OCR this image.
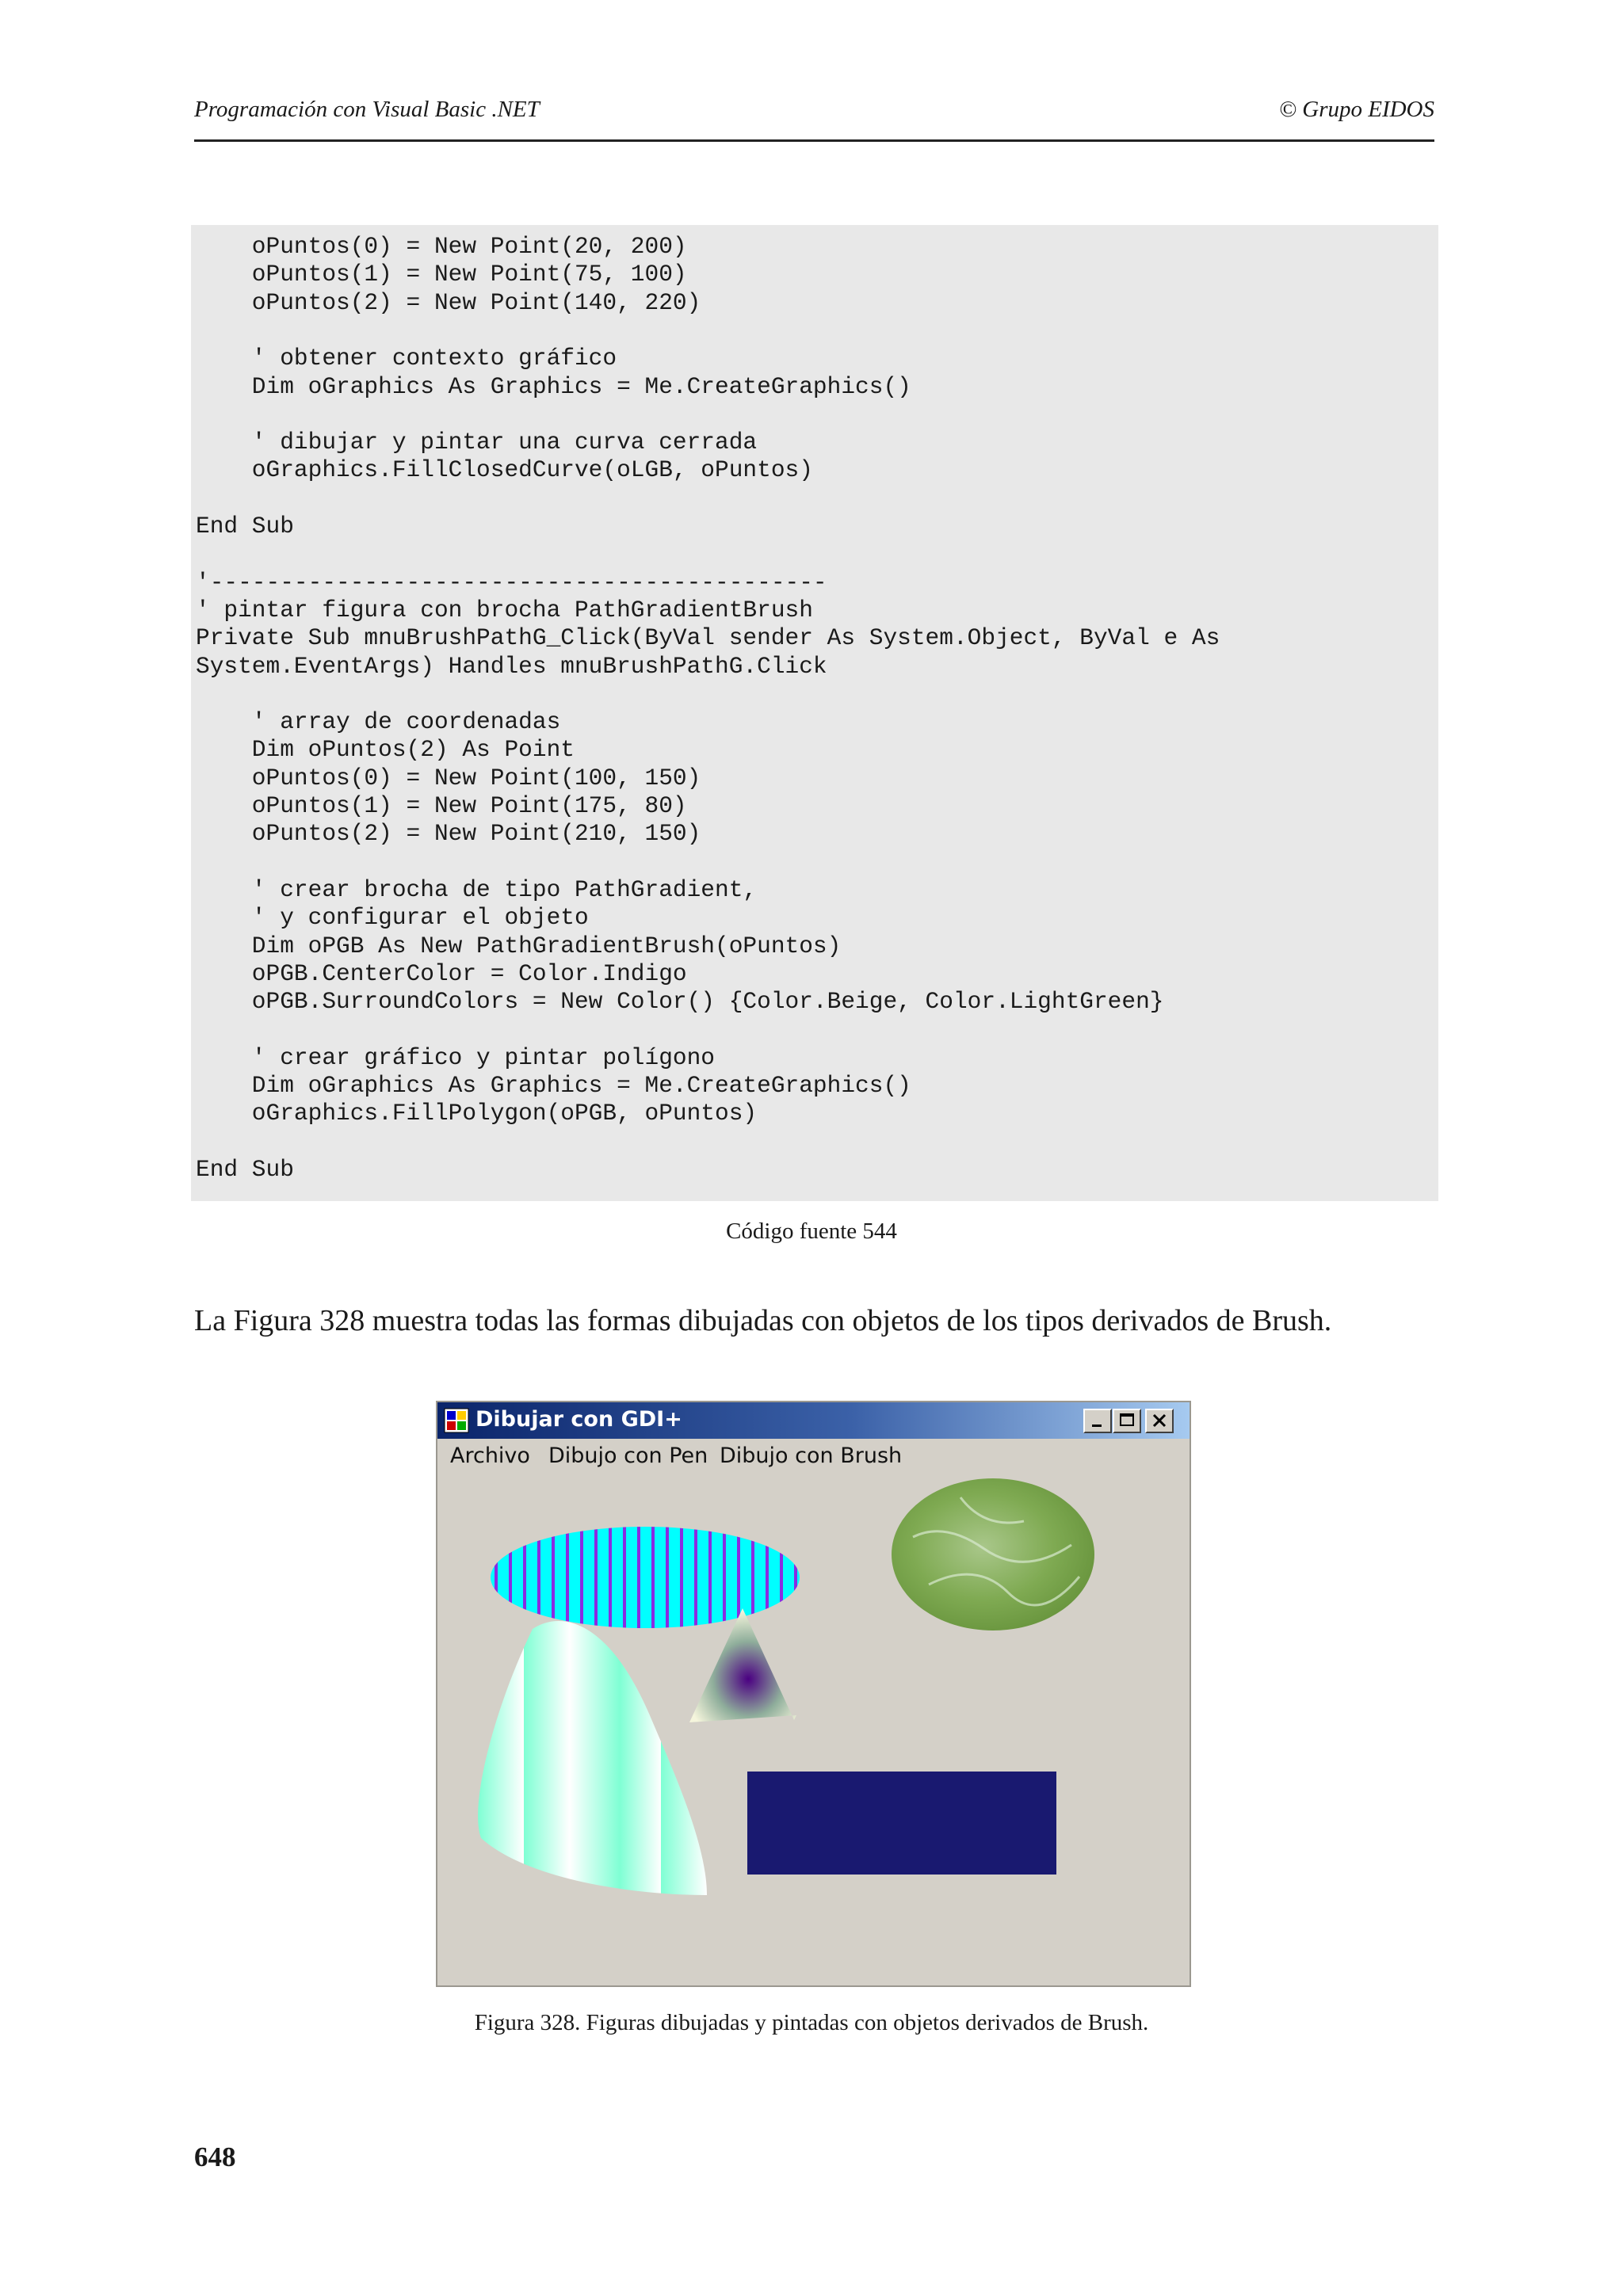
Programación con Visual Basic .NET	© Grupo EIDOS
oPuntos(0) = New Point(20, 200)
oPuntos(1) = New Point(75, 100)
oPuntos(2) = New Point(140, 220)
' obtener contexto gráfico
Dim oGraphics As Graphics = Me.CreateGraphics()
' dibujar y pintar una curva cerrada
oGraphics.FillClosedCurve(oLGB, oPuntos)
End Sub
'--------------------------------------------
' pintar figura con brocha PathGradientBrush
Private Sub mnuBrushPathG_Click(ByVal sender As System.Object, ByVal e As
System.EventArgs) Handles mnuBrushPathG.Click
' array de coordenadas
Dim oPuntos(2) As Point
oPuntos(0) = New Point(100, 150)
oPuntos(1) = New Point(175, 80)
oPuntos(2) = New Point(210, 150)
' crear brocha de tipo PathGradient,
' y configurar el objeto
Dim oPGB As New PathGradientBrush(oPuntos)
oPGB.CenterColor = Color.Indigo
oPGB.SurroundColors = New Color() {Color.Beige, Color.LightGreen}
' crear gráfico y pintar polígono
Dim oGraphics As Graphics = Me.CreateGraphics()
oGraphics.FillPolygon(oPGB, oPuntos)
End Sub
Código fuente 544
La Figura 328 muestra todas las formas dibujadas con objetos de los tipos derivados de Brush.
Dibujar con GDI+
Archivo Dibujo con Pen Dibujo con Brush
Figura 328. Figuras dibujadas y pintadas con objetos derivados de Brush.
648
